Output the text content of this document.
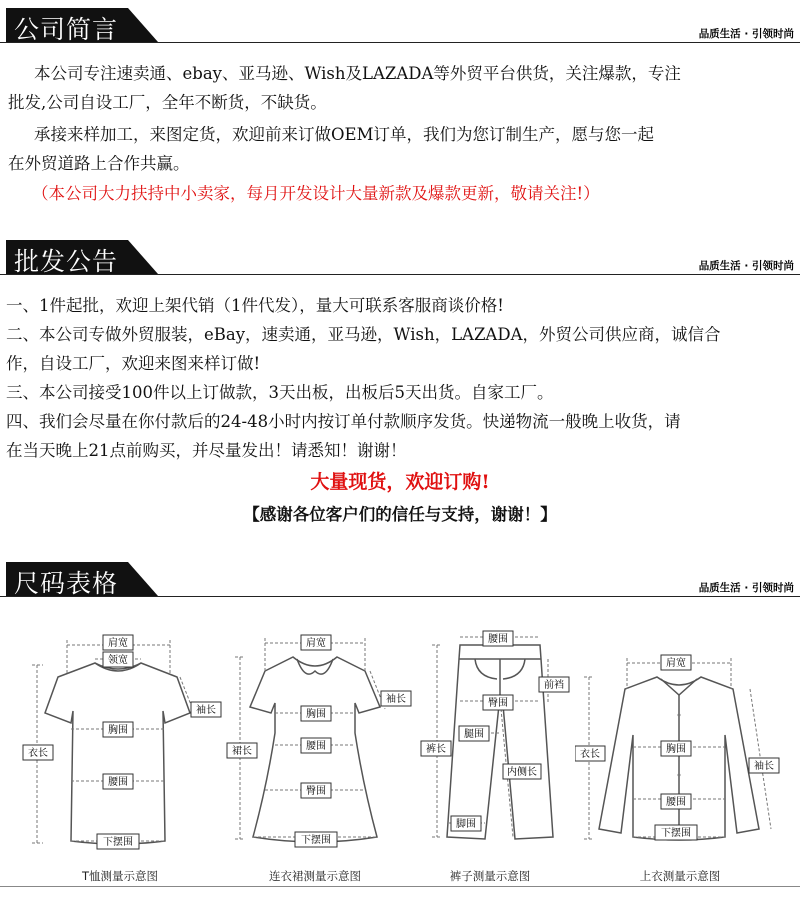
公司简言	品质生活 · 引领时尚
本公司专注速卖通、ebay、亚马逊、Wish及LAZADA等外贸平台供货，关注爆款，专注
批发,公司自设工厂，全年不断货，不缺货。
承接来样加工，来图定货，欢迎前来订做OEM订单，我们为您订制生产，愿与您一起
在外贸道路上合作共赢。
（本公司大力扶持中小卖家，每月开发设计大量新款及爆款更新，敬请关注!）
批发公告	品质生活 · 引领时尚
一、1件起批，欢迎上架代销（1件代发），量大可联系客服商谈价格!
二、本公司专做外贸服装，eBay，速卖通，亚马逊，Wish，LAZADA，外贸公司供应商，诚信合
作，自设工厂，欢迎来图来样订做!
三、本公司接受100件以上订做款，3天出板，出板后5天出货。自家工厂。
四、我们会尽量在你付款后的24-48小时内按订单付款顺序发货。快递物流一般晚上收货，请
在当天晚上21点前购买，并尽量发出！请悉知！谢谢！
大量现货，欢迎订购!
【感谢各位客户们的信任与支持，谢谢！】
尺码表格	品质生活 · 引领时尚
肩宽
领宽
袖长
胸围
衣长
腰围
下摆围
T恤测量示意图
肩宽
袖长
胸围
裙长	腰围
臀围
下摆围
连衣裙测量示意图
腰围
前裆
臀围
裤长
腿围
内侧长
脚围
裤子测量示意图
肩宽
胸围
衣长
袖长
腰围
下摆围
上衣测量示意图
